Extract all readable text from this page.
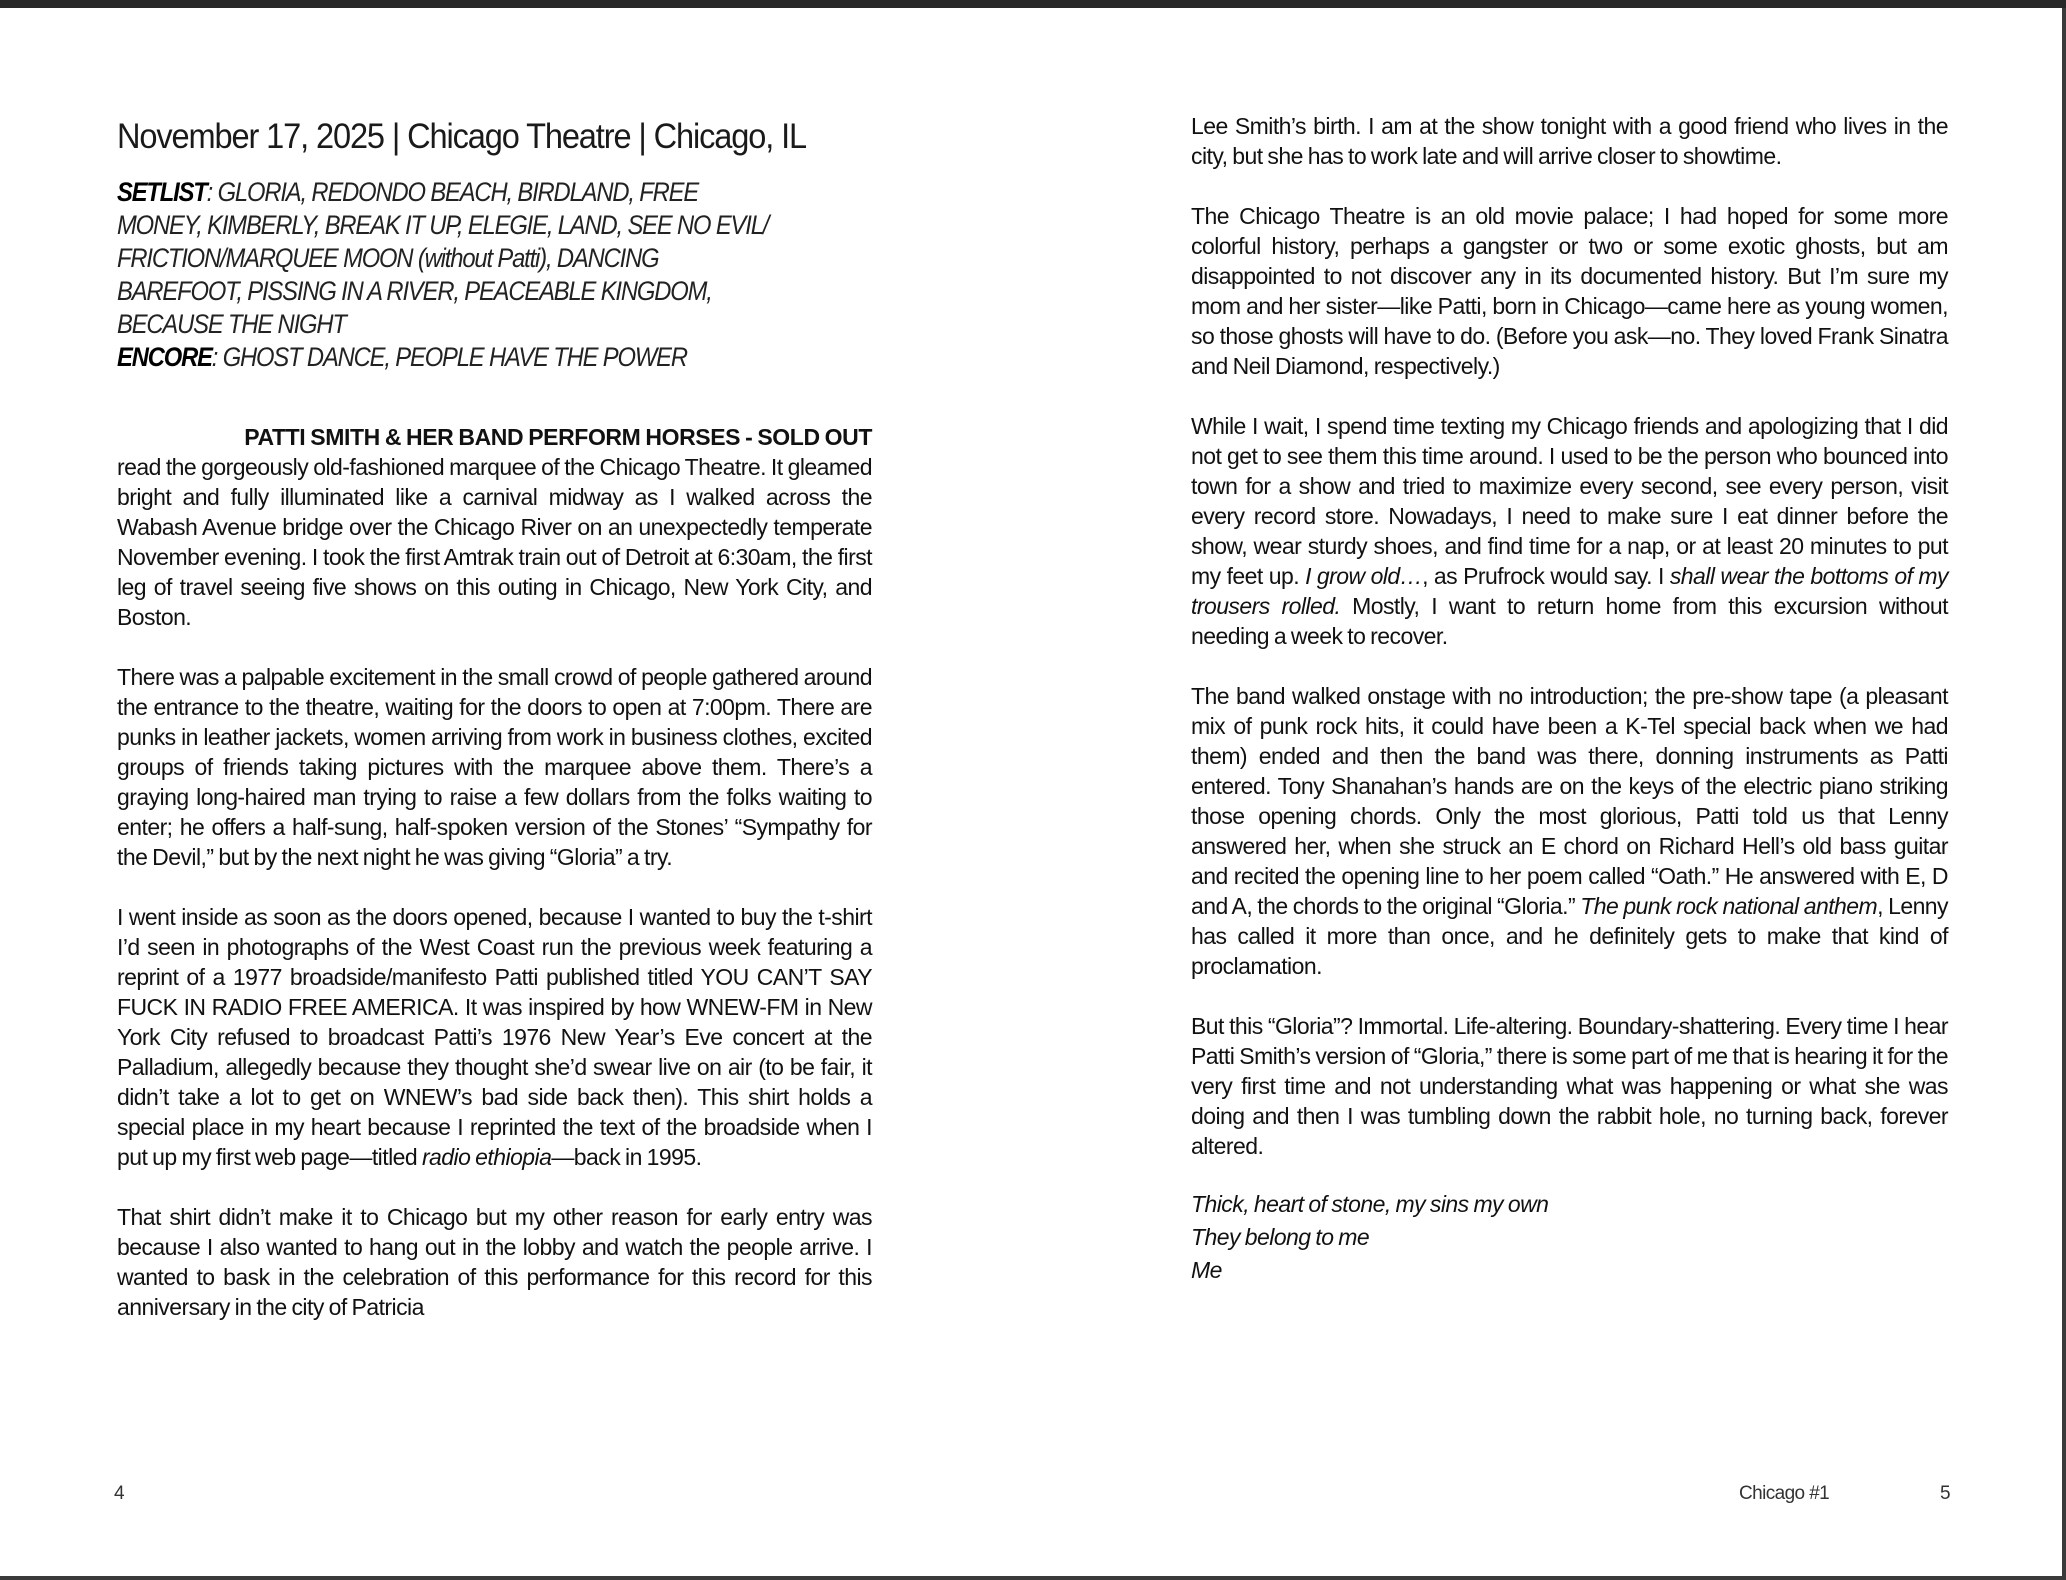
November 17, 2025 | Chicago Theatre | Chicago, IL
SETLIST: GLORIA, REDONDO BEACH, BIRDLAND, FREE
MONEY, KIMBERLY, BREAK IT UP, ELEGIE, LAND, SEE NO EVIL/
FRICTION/MARQUEE MOON (without Patti), DANCING
BAREFOOT, PISSING IN A RIVER, PEACEABLE KINGDOM,
BECAUSE THE NIGHT
ENCORE: GHOST DANCE, PEOPLE HAVE THE POWER

PATTI SMITH & HER BAND PERFORM HORSES - SOLD OUT
read the gorgeously old-fashioned marquee of the Chicago Theatre. It gleamed bright and fully illuminated like a carnival midway as I walked across the Wabash Avenue bridge over the Chicago River on an unexpectedly temperate November evening. I took the first Amtrak train out of Detroit at 6:30am, the first leg of travel seeing five shows on this outing in Chicago, New York City, and Boston.

There was a palpable excitement in the small crowd of people gathered around the entrance to the theatre, waiting for the doors to open at 7:00pm. There are punks in leather jackets, women arriving from work in business clothes, excited groups of friends taking pictures with the marquee above them. There’s a graying long-haired man trying to raise a few dollars from the folks waiting to enter; he offers a half-sung, half-spoken version of the Stones’ “Sympathy for the Devil,” but by the next night he was giving “Gloria” a try.

I went inside as soon as the doors opened, because I wanted to buy the t-shirt I’d seen in photographs of the West Coast run the previous week featuring a reprint of a 1977 broadside/manifesto Patti published titled YOU CAN’T SAY FUCK IN RADIO FREE AMERICA. It was inspired by how WNEW-FM in New York City refused to broadcast Patti’s 1976 New Year’s Eve concert at the Palladium, allegedly because they thought she’d swear live on air (to be fair, it didn’t take a lot to get on WNEW’s bad side back then). This shirt holds a special place in my heart because I reprinted the text of the broadside when I put up my first web page—titled radio ethiopia—back in 1995.

That shirt didn’t make it to Chicago but my other reason for early entry was because I also wanted to hang out in the lobby and watch the people arrive. I wanted to bask in the celebration of this performance for this record for this anniversary in the city of Patricia

Lee Smith’s birth. I am at the show tonight with a good friend who lives in the city, but she has to work late and will arrive closer to showtime.

The Chicago Theatre is an old movie palace; I had hoped for some more colorful history, perhaps a gangster or two or some exotic ghosts, but am disappointed to not discover any in its documented history. But I’m sure my mom and her sister—like Patti, born in Chicago—came here as young women, so those ghosts will have to do. (Before you ask—no. They loved Frank Sinatra and Neil Diamond, respectively.)

While I wait, I spend time texting my Chicago friends and apologizing that I did not get to see them this time around. I used to be the person who bounced into town for a show and tried to maximize every second, see every person, visit every record store. Nowadays, I need to make sure I eat dinner before the show, wear sturdy shoes, and find time for a nap, or at least 20 minutes to put my feet up. I grow old…, as Prufrock would say. I shall wear the bottoms of my trousers rolled. Mostly, I want to return home from this excursion without needing a week to recover.

The band walked onstage with no introduction; the pre-show tape (a pleasant mix of punk rock hits, it could have been a K-Tel special back when we had them) ended and then the band was there, donning instruments as Patti entered. Tony Shanahan’s hands are on the keys of the electric piano striking those opening chords. Only the most glorious, Patti told us that Lenny answered her, when she struck an E chord on Richard Hell’s old bass guitar and recited the opening line to her poem called “Oath.” He answered with E, D and A, the chords to the original “Gloria.” The punk rock national anthem, Lenny has called it more than once, and he definitely gets to make that kind of proclamation.

But this “Gloria”? Immortal. Life-altering. Boundary-shattering. Every time I hear Patti Smith’s version of “Gloria,” there is some part of me that is hearing it for the very first time and not understanding what was happening or what she was doing and then I was tumbling down the rabbit hole, no turning back, forever altered.

Thick, heart of stone, my sins my own
They belong to me
Me
4	Chicago #1	5
